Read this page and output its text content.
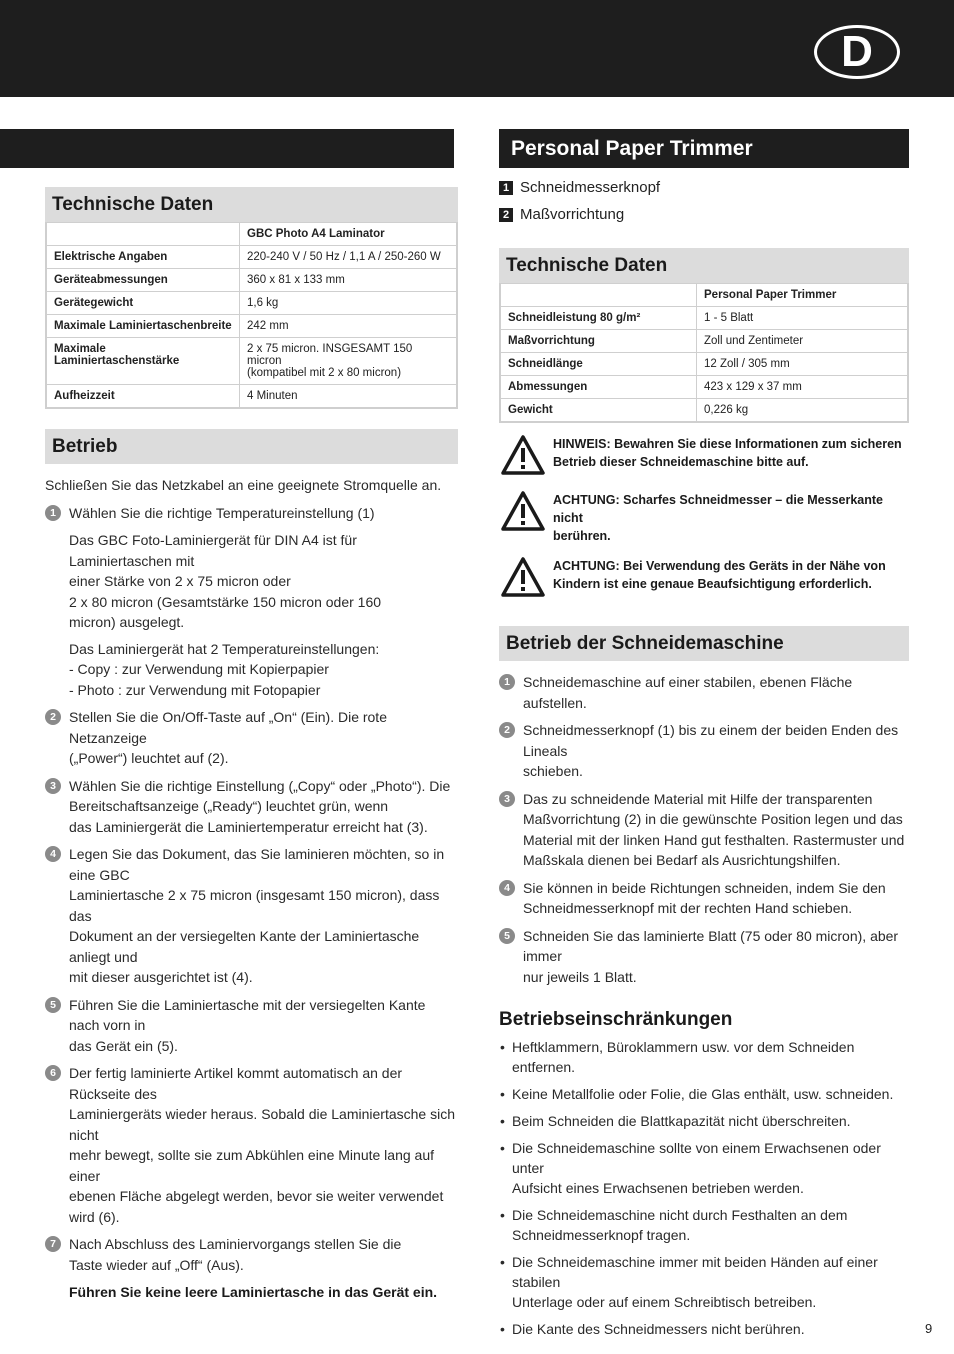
D
Technische Daten
	GBC Photo A4 Laminator
Elektrische Angaben	220-240 V / 50 Hz / 1,1 A / 250-260 W
Geräteabmessungen	360 x 81 x 133 mm
Gerätegewicht	1,6 kg
Maximale Laminiertaschenbreite	242 mm
Maximale Laminiertaschenstärke	2 x 75 micron. INSGESAMT 150 micron
(kompatibel mit 2 x 80 micron)

Aufheizzeit	4 Minuten
Betrieb
Schließen Sie das Netzkabel an eine geeignete Stromquelle an.
1 Wählen Sie die richtige Temperatureinstellung (1)
Das GBC Foto-Laminiergerät für DIN A4 ist für Laminiertaschen mit
einer Stärke von 2 x 75 micron oder
2 x 80 micron (Gesamtstärke 150 micron oder 160
micron) ausgelegt.
Das Laminiergerät hat 2 Temperatureinstellungen:
- Copy : zur Verwendung mit Kopierpapier
- Photo : zur Verwendung mit Fotopapier
2 Stellen Sie die On/Off-Taste auf „On“ (Ein). Die rote Netzanzeige
(„Power“) leuchtet auf (2).
3 Wählen Sie die richtige Einstellung („Copy“ oder „Photo“). Die
Bereitschaftsanzeige („Ready“) leuchtet grün, wenn
das Laminiergerät die Laminiertemperatur erreicht hat (3).
4 Legen Sie das Dokument, das Sie laminieren möchten, so in eine GBC
Laminiertasche 2 x 75 micron (insgesamt 150 micron), dass das
Dokument an der versiegelten Kante der Laminiertasche anliegt und
mit dieser ausgerichtet ist (4).
5 Führen Sie die Laminiertasche mit der versiegelten Kante nach vorn in
das Gerät ein (5).
6 Der fertig laminierte Artikel kommt automatisch an der Rückseite des
Laminiergeräts wieder heraus. Sobald die Laminiertasche sich nicht
mehr bewegt, sollte sie zum Abkühlen eine Minute lang auf einer
ebenen Fläche abgelegt werden, bevor sie weiter verwendet wird (6).
7 Nach Abschluss des Laminiervorgangs stellen Sie die
Taste wieder auf „Off“ (Aus).
Führen Sie keine leere Laminiertasche in das Gerät ein.
Personal Paper Trimmer
1 Schneidmesserknopf
2 Maßvorrichtung
Technische Daten
	Personal Paper Trimmer
Schneidleistung 80 g/m²	1 - 5 Blatt
Maßvorrichtung	Zoll und Zentimeter
Schneidlänge	12 Zoll / 305 mm
Abmessungen	423 x 129 x 37 mm
Gewicht	0,226 kg
HINWEIS: Bewahren Sie diese Informationen zum sicheren
Betrieb dieser Schneidemaschine bitte auf.
ACHTUNG: Scharfes Schneidmesser – die Messerkante nicht
berühren.
ACHTUNG: Bei Verwendung des Geräts in der Nähe von
Kindern ist eine genaue Beaufsichtigung erforderlich.
Betrieb der Schneidemaschine
1 Schneidemaschine auf einer stabilen, ebenen Fläche aufstellen.
2 Schneidmesserknopf (1) bis zu einem der beiden Enden des Lineals
schieben.
3 Das zu schneidende Material mit Hilfe der transparenten
Maßvorrichtung (2) in die gewünschte Position legen und das
Material mit der linken Hand gut festhalten. Rastermuster und
Maßskala dienen bei Bedarf als Ausrichtungshilfen.
4 Sie können in beide Richtungen schneiden, indem Sie den
Schneidmesserknopf mit der rechten Hand schieben.
5 Schneiden Sie das laminierte Blatt (75 oder 80 micron), aber immer
nur jeweils 1 Blatt.
Betriebseinschränkungen
• Heftklammern, Büroklammern usw. vor dem Schneiden entfernen.
• Keine Metallfolie oder Folie, die Glas enthält, usw. schneiden.
• Beim Schneiden die Blattkapazität nicht überschreiten.
• Die Schneidemaschine sollte von einem Erwachsenen oder unter
Aufsicht eines Erwachsenen betrieben werden.
• Die Schneidemaschine nicht durch Festhalten an dem
Schneidmesserknopf tragen.
• Die Schneidemaschine immer mit beiden Händen auf einer stabilen
Unterlage oder auf einem Schreibtisch betreiben.
• Die Kante des Schneidmessers nicht berühren.	9
